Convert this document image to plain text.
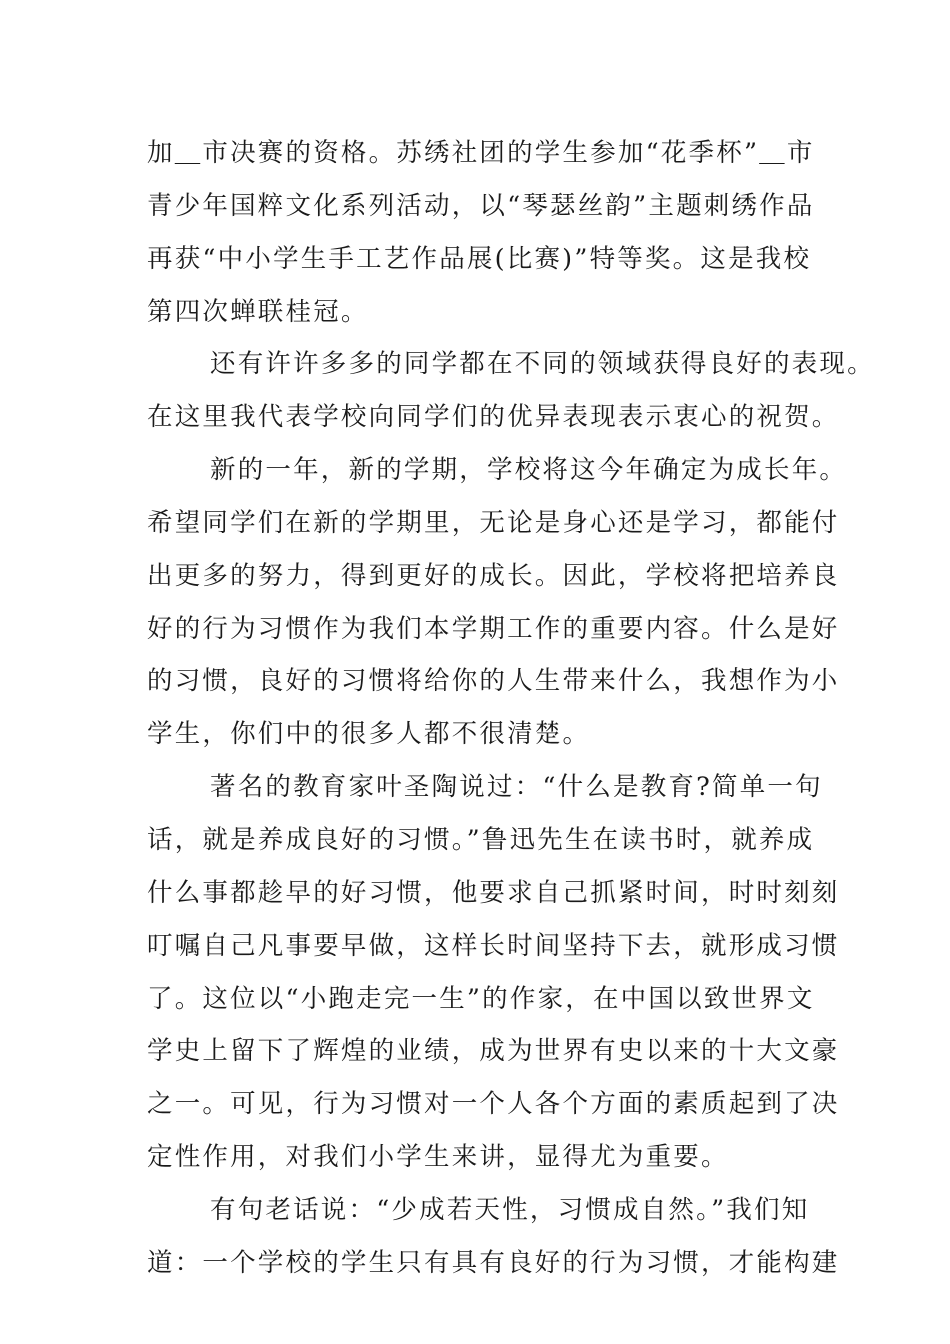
加＿市决赛的资格。苏绣社团的学生参加“花季杯”＿市
青少年国粹文化系列活动，以“琴瑟丝韵”主题刺绣作品
再获“中小学生手工艺作品展(比赛)”特等奖。这是我校
第四次蝉联桂冠。
还有许许多多的同学都在不同的领域获得良好的表现。
在这里我代表学校向同学们的优异表现表示衷心的祝贺。
新的一年，新的学期，学校将这今年确定为成长年。
希望同学们在新的学期里，无论是身心还是学习，都能付
出更多的努力，得到更好的成长。因此，学校将把培养良
好的行为习惯作为我们本学期工作的重要内容。什么是好
的习惯，良好的习惯将给你的人生带来什么，我想作为小
学生，你们中的很多人都不很清楚。
著名的教育家叶圣陶说过：“什么是教育?简单一句
话，就是养成良好的习惯。”鲁迅先生在读书时，就养成
什么事都趁早的好习惯，他要求自己抓紧时间，时时刻刻
叮嘱自己凡事要早做，这样长时间坚持下去，就形成习惯
了。这位以“小跑走完一生”的作家，在中国以致世界文
学史上留下了辉煌的业绩，成为世界有史以来的十大文豪
之一。可见，行为习惯对一个人各个方面的素质起到了决
定性作用，对我们小学生来讲，显得尤为重要。
有句老话说：“少成若天性，习惯成自然。”我们知
道：一个学校的学生只有具有良好的行为习惯，才能构建
